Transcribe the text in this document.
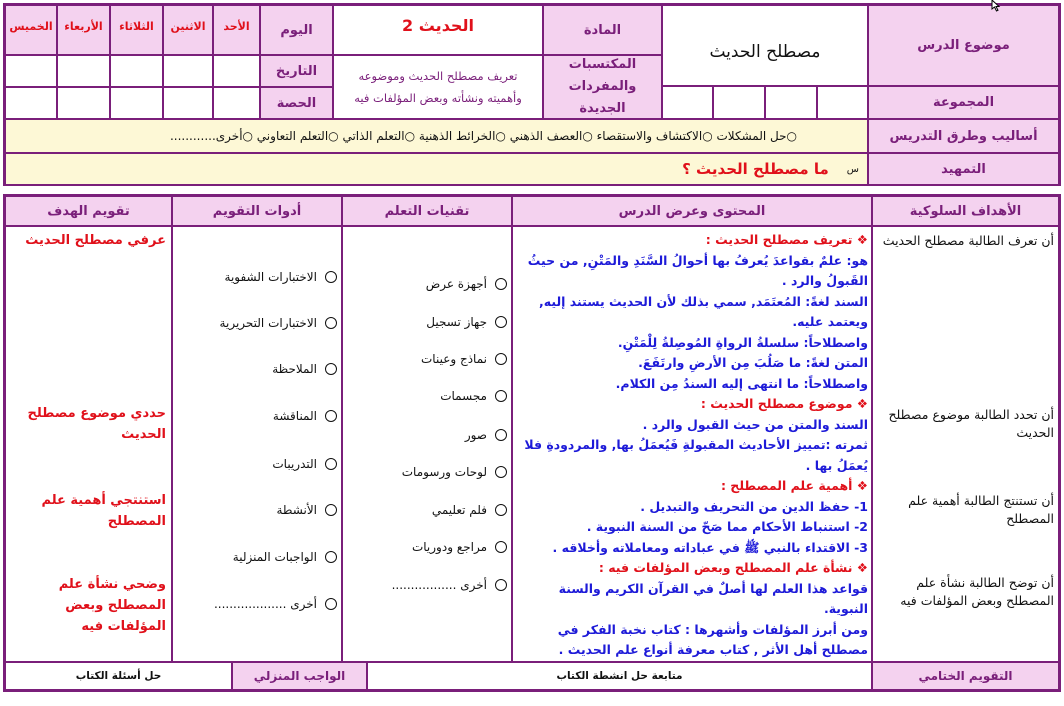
موضوع الدرس
مصطلح الحديث
المادة
الحديث 2
اليوم
الأحد
الاثنين
الثلاثاء
الأربعاء
الخميس
المكتسبات
والمفردات الجديدة
تعريف مصطلح الحديث وموضوعه
وأهميته ونشأته وبعض المؤلفات فيه
التاريخ
الحصة	المجموعة
أساليب وطرق التدريس
○حل المشكلات ○الاكتشاف والاستقصاء ○العصف الذهني ○الخرائط الذهنية ○التعلم الذاتي ○التعلم التعاوني ○أخرى............
التمهيد
ما مصطلح الحديث ؟ س
الأهداف السلوكية
المحتوى وعرض الدرس
تقنيات التعلم
أدوات التقويم
تقويم الهدف
أن تعرف الطالبة مصطلح الحديث
أن تحدد الطالبة موضوع مصطلح الحديث
أن تستنتج الطالبة أهمية علم المصطلح
أن توضح الطالبة نشأة علم المصطلح وبعض المؤلفات فيه

❖ تعريف مصطلح الحديث :

هو: علمٌ بقواعدَ يُعرفُ بها أحوالُ السَّنَدِ والمَتْنِ, من حيثُ القَبولُ والرد .

السند لغةً: المُعتَمَد, سمي بذلك لأن الحديث يستند إليه, ويعتمد عليه.

واصطلاحاً: سلسلةُ الرواةِ المُوصِلةُ لِلْمَتْنِ.

المتن لغةً: ما صَلُبَ مِن الأرضِ وارتَفَعَ.

واصطلاحاً: ما انتهى إليه السندُ مِن الكلام.

❖ موضوع مصطلح الحديث :

السند والمتن من حيث القبول والرد .

ثمرته :تمييز الأحاديث المقبولةِ فَيُعمَلُ بها, والمردودةِ فلا يُعمَلُ بها .

❖ أهمية علم المصطلح :

1- حفظ الدين من التحريف والتبديل .

2- استنباط الأحكام مما صَحّ من السنة النبوية .

3- الاقتداء بالنبي ﷺ في عباداته ومعاملاته وأخلاقه .

❖ نشأة علم المصطلح وبعض المؤلفات فيه :

قواعد هذا العلم لها أصلٌ في القرآن الكريم والسنة النبوية.

ومن أبرز المؤلفات وأشهرها : كتاب نخبة الفكر في مصطلح أهل الأثر , كتاب معرفة أنواع علم الحديث .

أجهزة عرض
جهاز تسجيل
نماذج وعينات
مجسمات
صور
لوحات ورسومات
فلم تعليمي
مراجع ودوريات
أخرى .................
الاختبارات الشفوية
الاختبارات التحريرية
الملاحظة
المناقشة
التدريبات
الأنشطة
الواجبات المنزلية
أخرى ...................
عرفي مصطلح الحديث
حددي موضوع مصطلح الحديث
استنتجي أهمية علم المصطلح
وضحي نشأة علم المصطلح وبعض المؤلفات فيه
التقويم الختامي
متابعة حل انشطة الكتاب
الواجب المنزلي
حل أسئلة الكتاب
